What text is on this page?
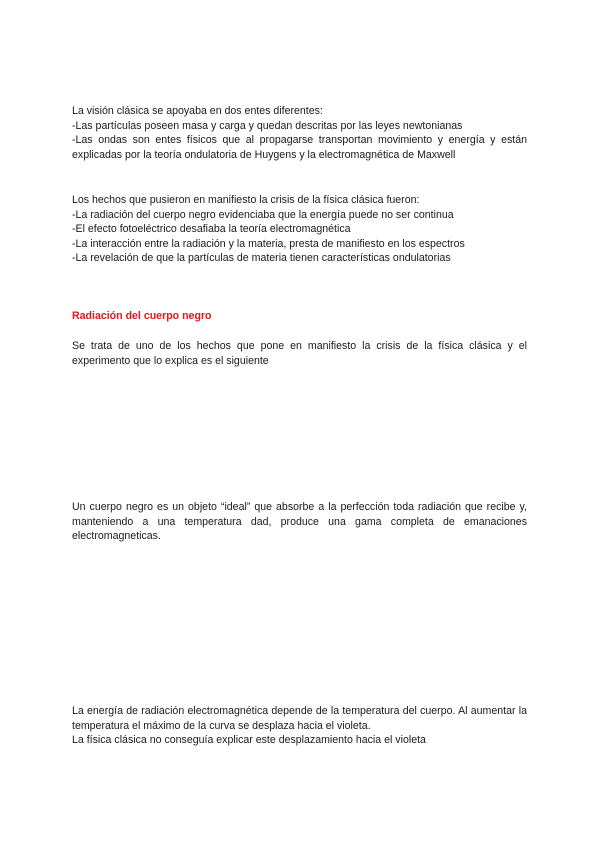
La visión clásica se apoyaba en dos entes diferentes:

-Las partículas poseen masa y carga y quedan descritas por las leyes newtonianas

-Las ondas son entes físicos que al propagarse transportan movimiento y energía y están explicadas por la teoría ondulatoria de Huygens y la electromagnética de Maxwell

Los hechos que pusieron en manifiesto la crisis de la física clásica fueron:

-La radiación del cuerpo negro evidenciaba que la energía puede no ser continua

-El efecto fotoeléctrico desafiaba la teoría electromagnética

-La interacción entre la radiación y la materia, presta de manifiesto en los espectros

-La revelación de que la partículas de materia tienen características ondulatorias

Radiación del cuerpo negro
Se trata de uno de los hechos que pone en manifiesto la crisis de la física clásica y el experimento que lo explica es el siguiente
Un cuerpo negro es un objeto “ideal” que absorbe a la perfección toda radiación que recibe y, manteniendo a una temperatura dad, produce una gama completa de emanaciones electromagneticas.

La energía de radiación electromagnética depende de la temperatura del cuerpo. Al aumentar la temperatura el máximo de la curva se desplaza hacia el violeta.

La física clásica no conseguía explicar este desplazamiento hacia el violeta
